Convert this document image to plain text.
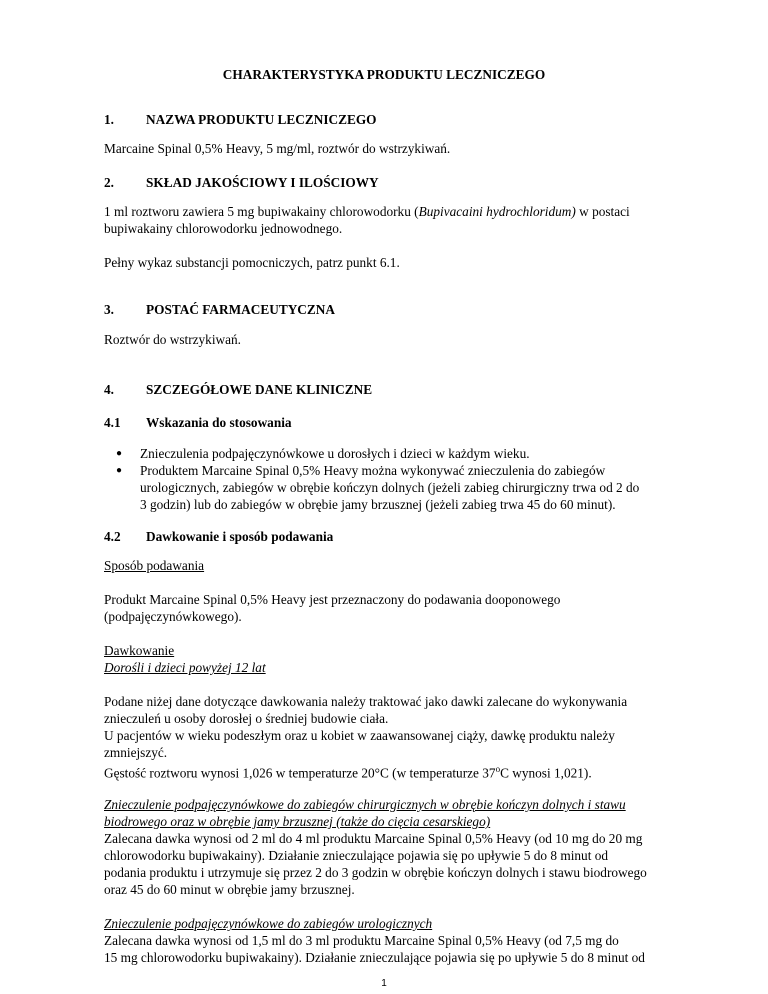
CHARAKTERYSTYKA PRODUKTU LECZNICZEGO

1. NAZWA PRODUKTU LECZNICZEGO

Marcaine Spinal 0,5% Heavy, 5 mg/ml, roztwór do wstrzykiwań.

2. SKŁAD JAKOŚCIOWY I ILOŚCIOWY

1 ml roztworu zawiera 5 mg bupiwakainy chlorowodorku (Bupivacaini hydrochloridum) w postaci

bupiwakainy chlorowodorku jednowodnego.

Pełny wykaz substancji pomocniczych, patrz punkt 6.1.

3. POSTAĆ FARMACEUTYCZNA

Roztwór do wstrzykiwań.

4. SZCZEGÓŁOWE DANE KLINICZNE
4.1 Wskazania do stosowania
● Znieczulenia podpajęczynówkowe u dorosłych i dzieci w każdym wieku.
● Produktem Marcaine Spinal 0,5% Heavy można wykonywać znieczulenia do zabiegów
urologicznych, zabiegów w obrębie kończyn dolnych (jeżeli zabieg chirurgiczny trwa od 2 do
3 godzin) lub do zabiegów w obrębie jamy brzusznej (jeżeli zabieg trwa 45 do 60 minut).
4.2 Dawkowanie i sposób podawania

Sposób podawania

Produkt Marcaine Spinal 0,5% Heavy jest przeznaczony do podawania dooponowego

(podpajęczynówkowego).

Dawkowanie

Dorośli i dzieci powyżej 12 lat

Podane niżej dane dotyczące dawkowania należy traktować jako dawki zalecane do wykonywania

znieczuleń u osoby dorosłej o średniej budowie ciała.

U pacjentów w wieku podeszłym oraz u kobiet w zaawansowanej ciąży, dawkę produktu należy

zmniejszyć.

Gęstość roztworu wynosi 1,026 w temperaturze 20°C (w temperaturze 37$^o$C wynosi 1,021).

Znieczulenie podpajęczynówkowe do zabiegów chirurgicznych w obrębie kończyn dolnych i stawu

biodrowego oraz w obrębie jamy brzusznej (także do cięcia cesarskiego)

Zalecana dawka wynosi od 2 ml do 4 ml produktu Marcaine Spinal 0,5% Heavy (od 10 mg do 20 mg

chlorowodorku bupiwakainy). Działanie znieczulające pojawia się po upływie 5 do 8 minut od

podania produktu i utrzymuje się przez 2 do 3 godzin w obrębie kończyn dolnych i stawu biodrowego

oraz 45 do 60 minut w obrębie jamy brzusznej.

Znieczulenie podpajęczynówkowe do zabiegów urologicznych

Zalecana dawka wynosi od 1,5 ml do 3 ml produktu Marcaine Spinal 0,5% Heavy (od 7,5 mg do

15 mg chlorowodorku bupiwakainy). Działanie znieczulające pojawia się po upływie 5 do 8 minut od

1
